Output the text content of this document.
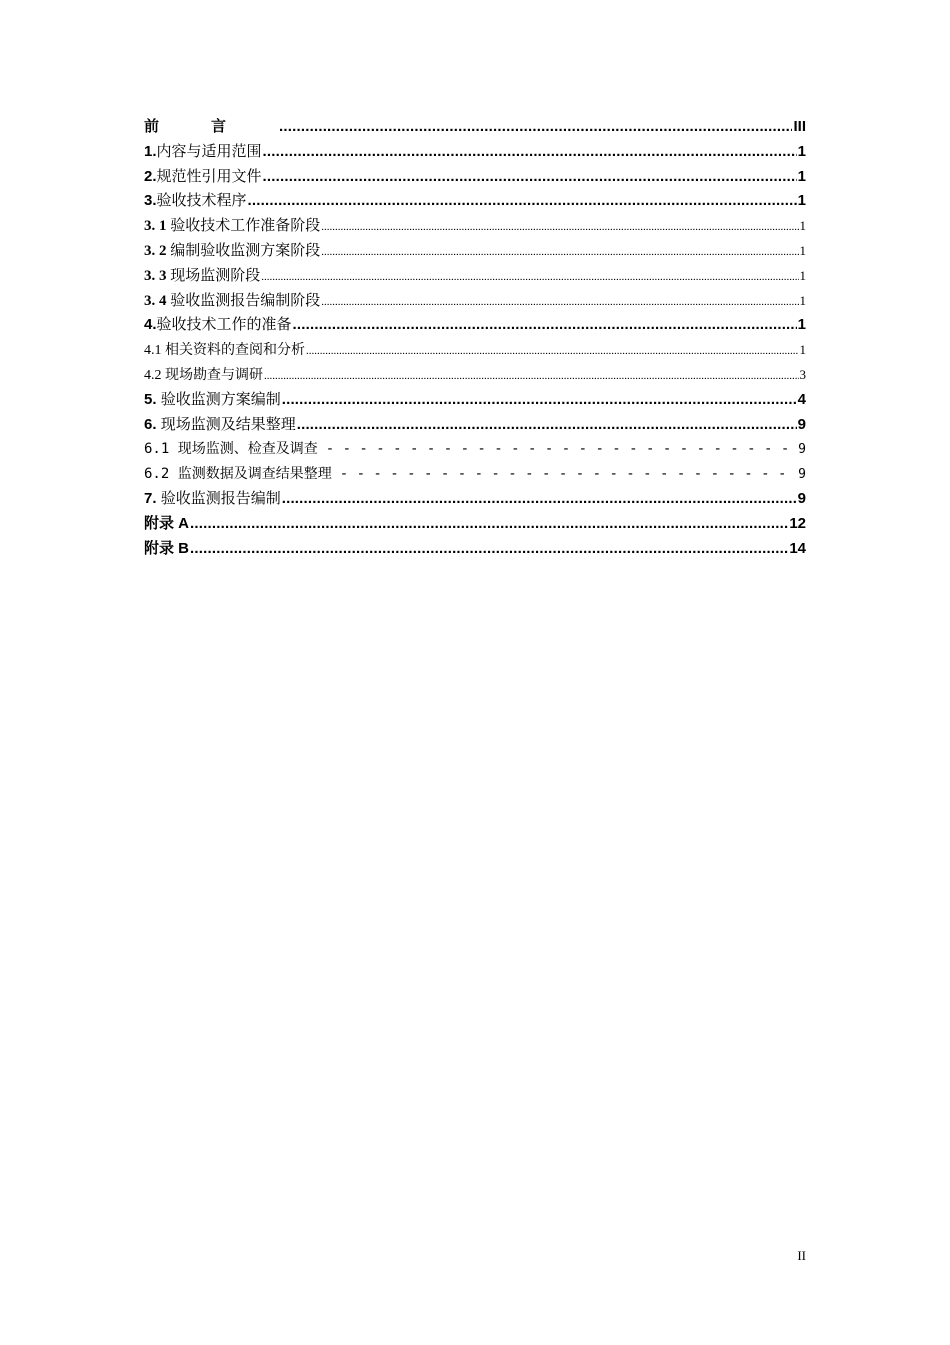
前言 .....	III
1.内容与适用范围 .....	1
2.规范性引用文件 .....	1
3.验收技术程序 .....	1
3. 1 验收技术工作准备阶段 .....	1
3. 2 编制验收监测方案阶段 .....	1
3. 3 现场监测阶段 .....	1
3. 4 验收监测报告编制阶段 .....	1
4.验收技术工作的准备 .....	1
4.1 相关资料的查阅和分析 .....	1
4.2 现场勘查与调研 .....	3
5. 验收监测方案编制 .....	4
6. 现场监测及结果整理 .....	9
6.1 现场监测、检查及调查 - - -	9
6.2 监测数据及调查结果整理 - - -	9
7. 验收监测报告编制 .....	9
附录 A .....	12
附录 B .....	14
II
